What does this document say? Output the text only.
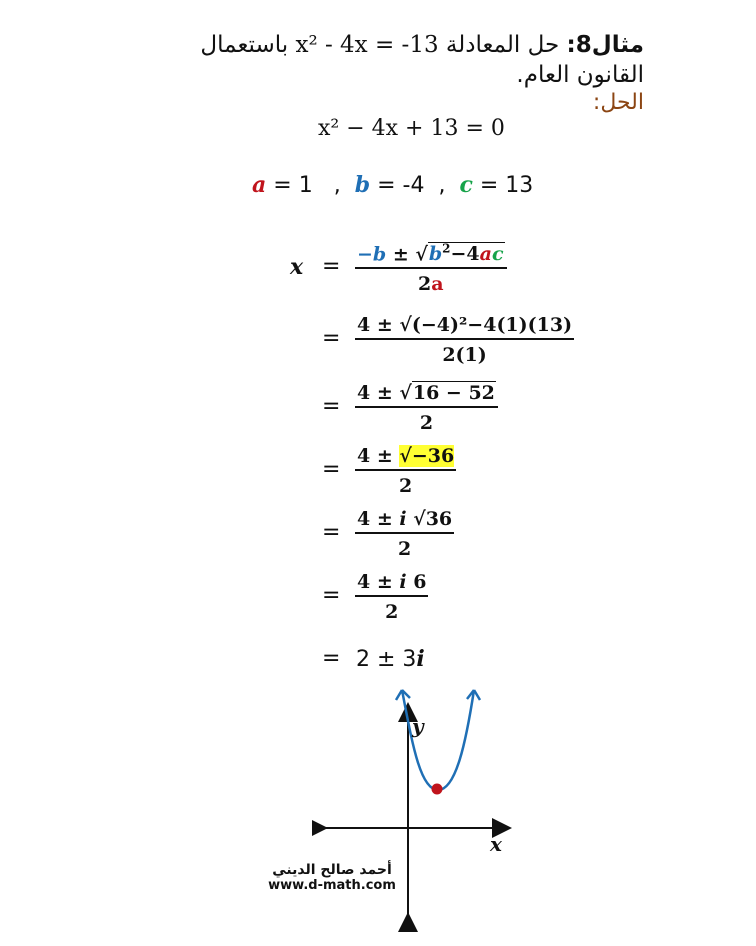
مثال8: حل المعادلة x² - 4x = -13 باستعمال القانون العام.
الحل:
x² − 4x + 13 = 0
a = 1 , b = -4 , c = 13
$x = \frac{-b \pm √b^2-4ac}{2a}$
= $\frac{\text{4 ± √(−4)²−4(1)(13)}}{2(1)}$
= $\frac{4 \pm √16 - 52}{2}$
= $\frac{4 \pm √-36}{2}$
= $\frac{4 \pm i √36}{2}$
= $\frac{4 \pm i 6}{2}$
= 2 ± 3i
y
x
أحمد صالح الديني
www.d-math.com
